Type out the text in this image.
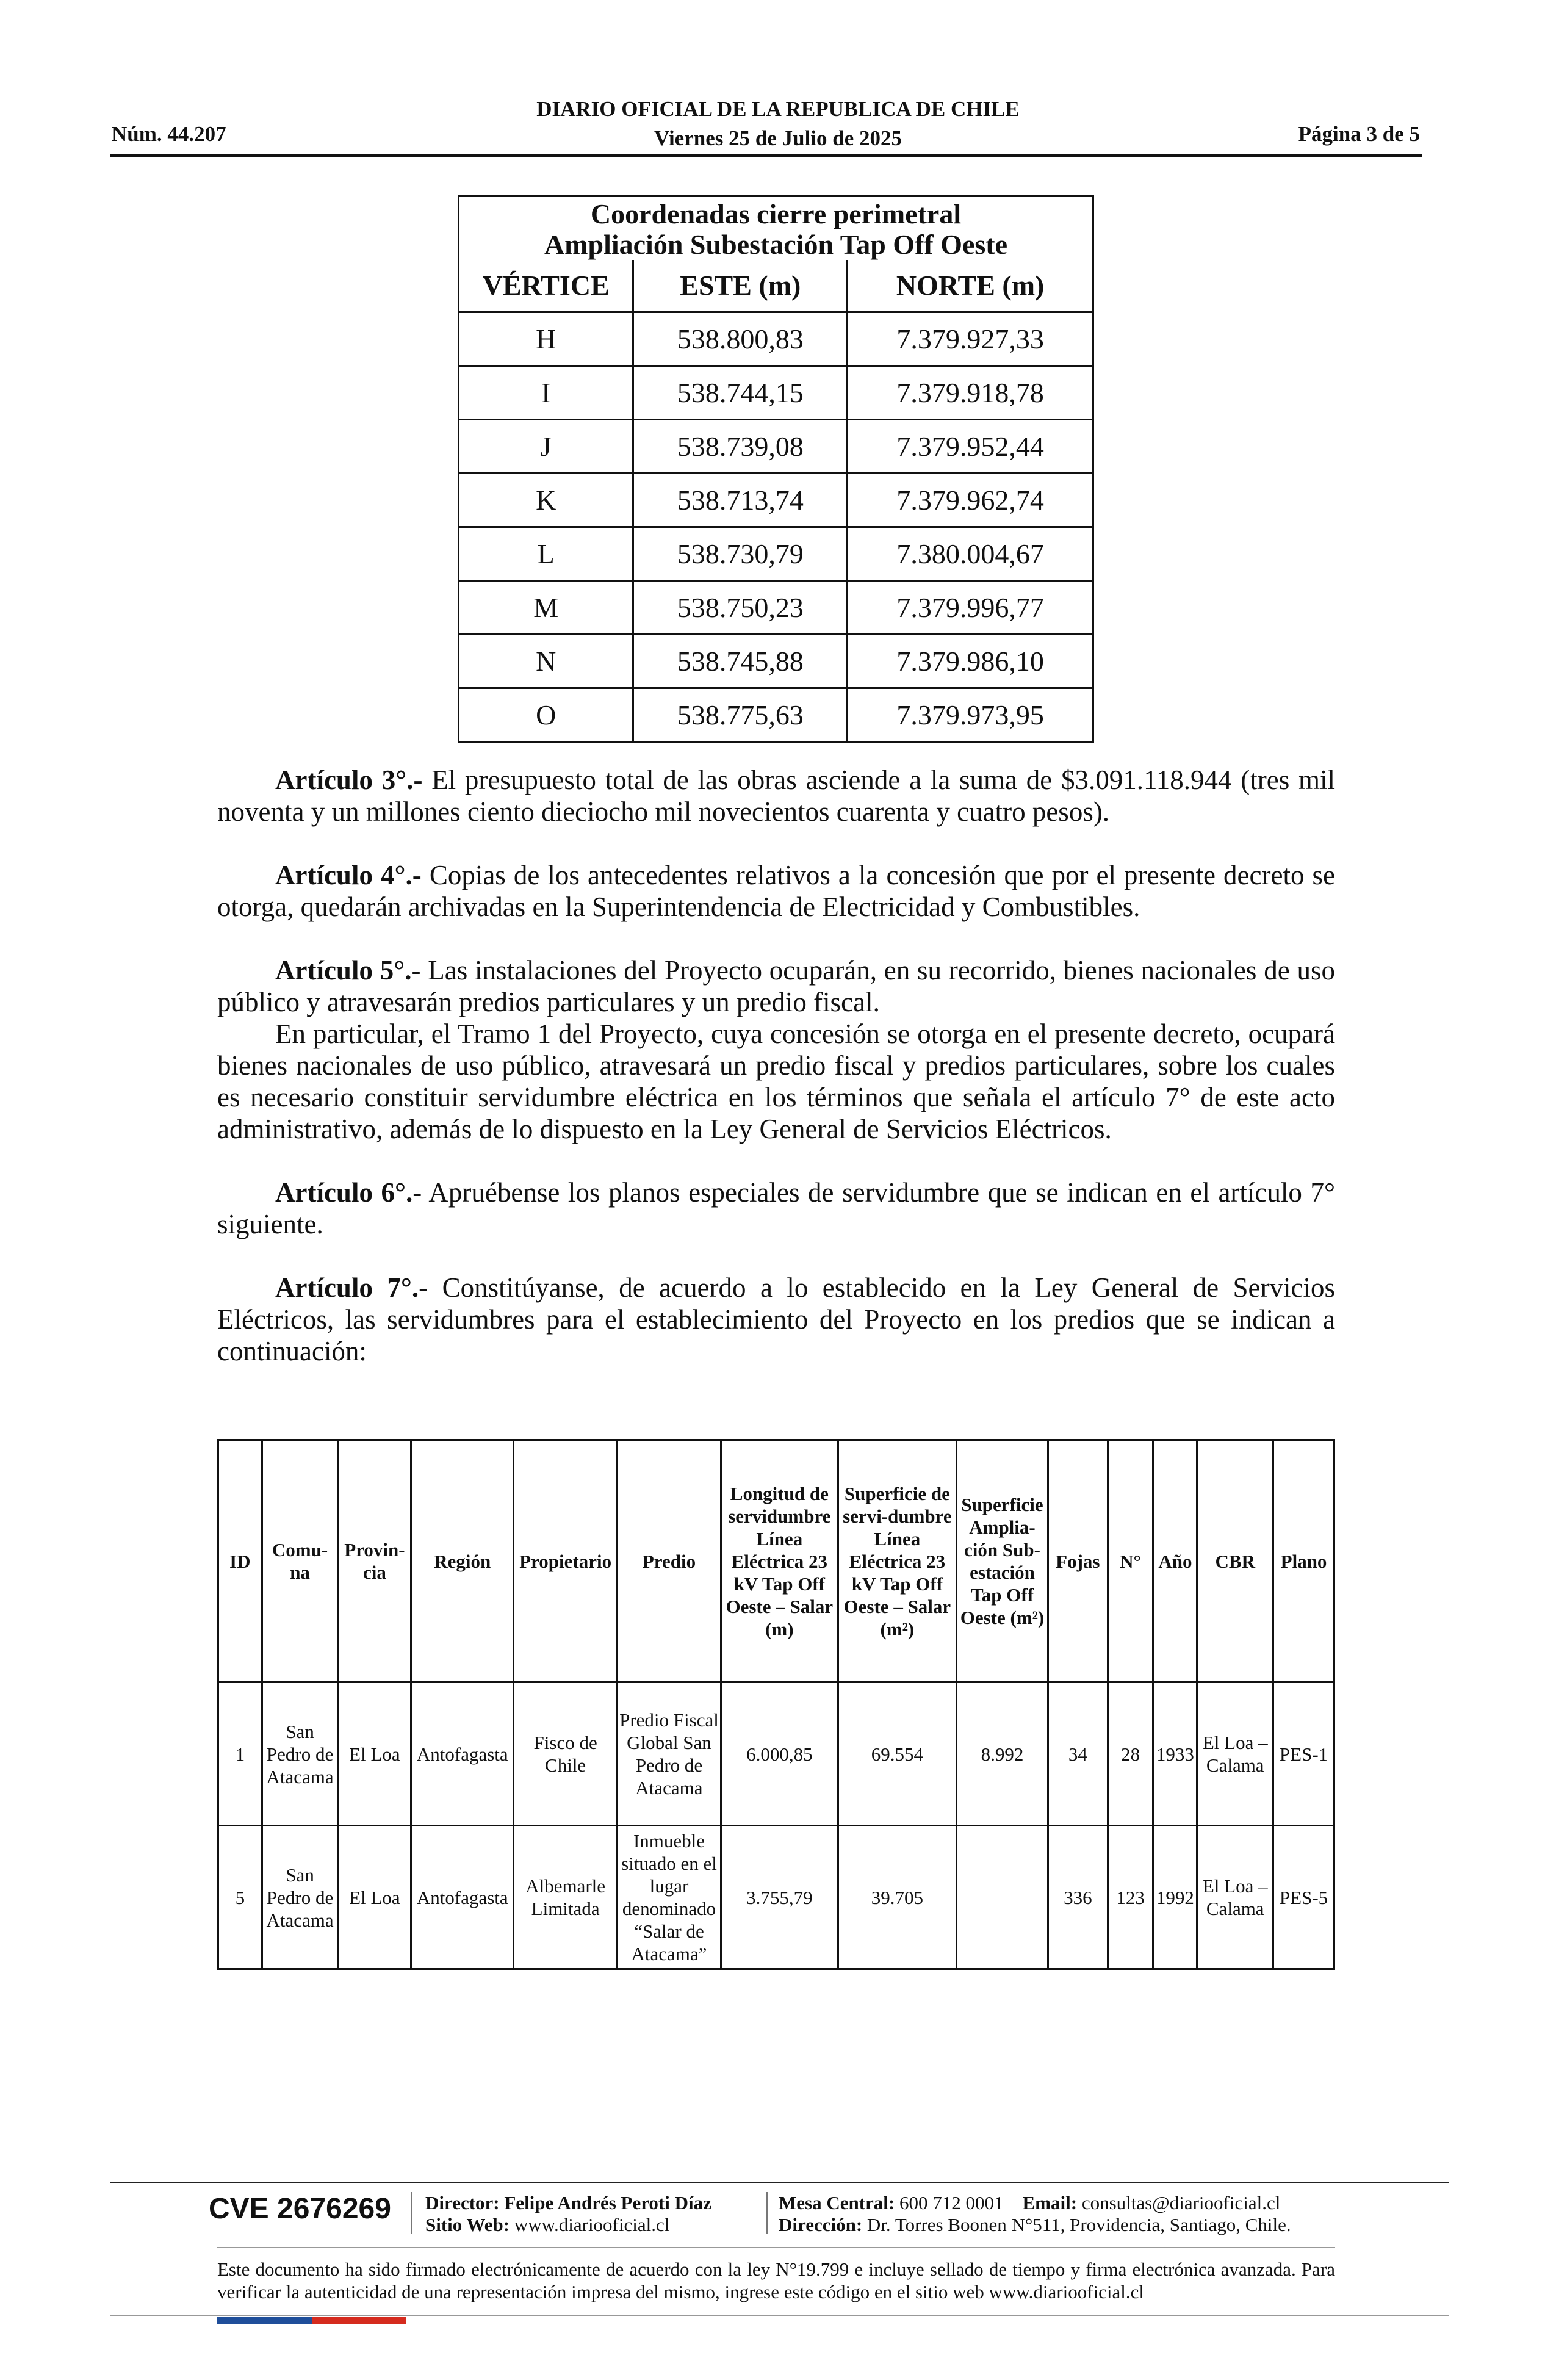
DIARIO OFICIAL DE LA REPUBLICA DE CHILE
Viernes 25 de Julio de 2025
Núm. 44.207	Página 3 de 5
Coordenadas cierre perimetral
Ampliación Subestación Tap Off Oeste		

VÉRTICE	ESTE (m)	NORTE (m)
H	538.800,83	7.379.927,33
I	538.744,15	7.379.918,78
J	538.739,08	7.379.952,44
K	538.713,74	7.379.962,74
L	538.730,79	7.380.004,67
M	538.750,23	7.379.996,77
N	538.745,88	7.379.986,10
O	538.775,63	7.379.973,95

Artículo 3°.- El presupuesto total de las obras asciende a la suma de $3.091.118.944 (tres mil noventa y un millones ciento dieciocho mil novecientos cuarenta y cuatro pesos).

Artículo 4°.- Copias de los antecedentes relativos a la concesión que por el presente decreto se otorga, quedarán archivadas en la Superintendencia de Electricidad y Combustibles.

Artículo 5°.- Las instalaciones del Proyecto ocuparán, en su recorrido, bienes nacionales de uso público y atravesarán predios particulares y un predio fiscal.

En particular, el Tramo 1 del Proyecto, cuya concesión se otorga en el presente decreto, ocupará bienes nacionales de uso público, atravesará un predio fiscal y predios particulares, sobre los cuales es necesario constituir servidumbre eléctrica en los términos que señala el artículo 7° de este acto administrativo, además de lo dispuesto en la Ley General de Servicios Eléctricos.

Artículo 6°.- Apruébense los planos especiales de servidumbre que se indican en el artículo 7° siguiente.

Artículo 7°.- Constitúyanse, de acuerdo a lo establecido en la Ley General de Servicios Eléctricos, las servidumbres para el establecimiento del Proyecto en los predios que se indican a continuación:

ID	Comu-na	Provin-cia	Región	Propietario	Predio	Longitud de servidumbre Línea Eléctrica 23 kV Tap Off Oeste – Salar (m)	Superficie de servi-dumbre Línea Eléctrica 23 kV Tap Off Oeste – Salar (m²)	Superficie Amplia-ción Sub-estación Tap Off Oeste (m²)	Fojas	N°	Año	CBR	Plano
1	San Pedro de Atacama	El Loa	Antofagasta	Fisco de Chile	Predio Fiscal Global San Pedro de Atacama	6.000,85	69.554	8.992	34	28	1933	El Loa – Calama	PES-1
5	San Pedro de Atacama	El Loa	Antofagasta	Albemarle Limitada	Inmueble situado en el lugar denominado “Salar de Atacama”	3.755,79	39.705		336	123	1992	El Loa – Calama	PES-5
CVE 2676269 Director: Felipe Andrés Peroti Díaz
Sitio Web: www.diariooficial.cl
Mesa Central: 600 712 0001 Email: consultas@diariooficial.cl
Dirección: Dr. Torres Boonen N°511, Providencia, Santiago, Chile.
Este documento ha sido firmado electrónicamente de acuerdo con la ley N°19.799 e incluye sellado de tiempo y firma electrónica avanzada. Para verificar la autenticidad de una representación impresa del mismo, ingrese este código en el sitio web www.diariooficial.cl
